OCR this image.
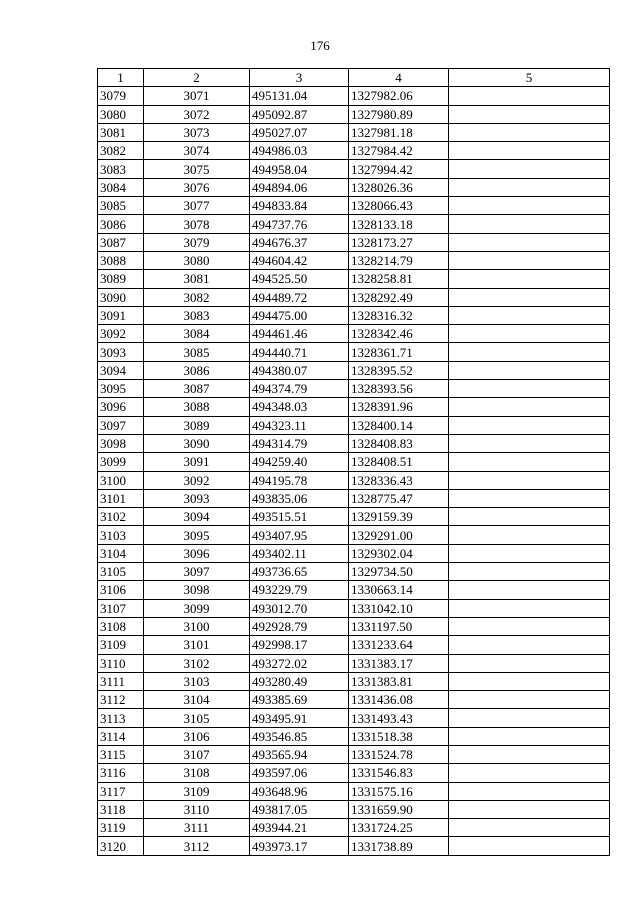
176
1	2	3	4	5
3079	3071	495131.04	1327982.06	
3080	3072	495092.87	1327980.89	
3081	3073	495027.07	1327981.18	
3082	3074	494986.03	1327984.42	
3083	3075	494958.04	1327994.42	
3084	3076	494894.06	1328026.36	
3085	3077	494833.84	1328066.43	
3086	3078	494737.76	1328133.18	
3087	3079	494676.37	1328173.27	
3088	3080	494604.42	1328214.79	
3089	3081	494525.50	1328258.81	
3090	3082	494489.72	1328292.49	
3091	3083	494475.00	1328316.32	
3092	3084	494461.46	1328342.46	
3093	3085	494440.71	1328361.71	
3094	3086	494380.07	1328395.52	
3095	3087	494374.79	1328393.56	
3096	3088	494348.03	1328391.96	
3097	3089	494323.11	1328400.14	
3098	3090	494314.79	1328408.83	
3099	3091	494259.40	1328408.51	
3100	3092	494195.78	1328336.43	
3101	3093	493835.06	1328775.47	
3102	3094	493515.51	1329159.39	
3103	3095	493407.95	1329291.00	
3104	3096	493402.11	1329302.04	
3105	3097	493736.65	1329734.50	
3106	3098	493229.79	1330663.14	
3107	3099	493012.70	1331042.10	
3108	3100	492928.79	1331197.50	
3109	3101	492998.17	1331233.64	
3110	3102	493272.02	1331383.17	
3111	3103	493280.49	1331383.81	
3112	3104	493385.69	1331436.08	
3113	3105	493495.91	1331493.43	
3114	3106	493546.85	1331518.38	
3115	3107	493565.94	1331524.78	
3116	3108	493597.06	1331546.83	
3117	3109	493648.96	1331575.16	
3118	3110	493817.05	1331659.90	
3119	3111	493944.21	1331724.25	
3120	3112	493973.17	1331738.89	
